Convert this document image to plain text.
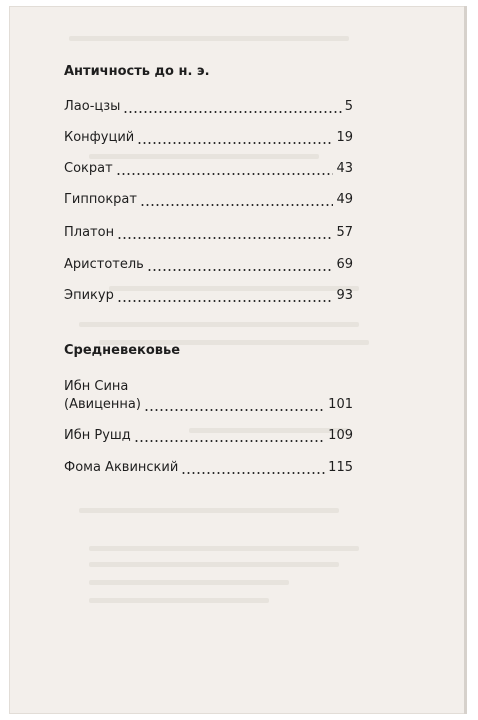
Античность до н. э.
Лао-цзы	5
Конфуций	19
Сократ	43
Гиппократ	49
Платон	57
Аристотель	69
Эпикур	93
Средневековье
Ибн Сина
(Авиценна)	101
Ибн Рушд	109
Фома Аквинский	115
